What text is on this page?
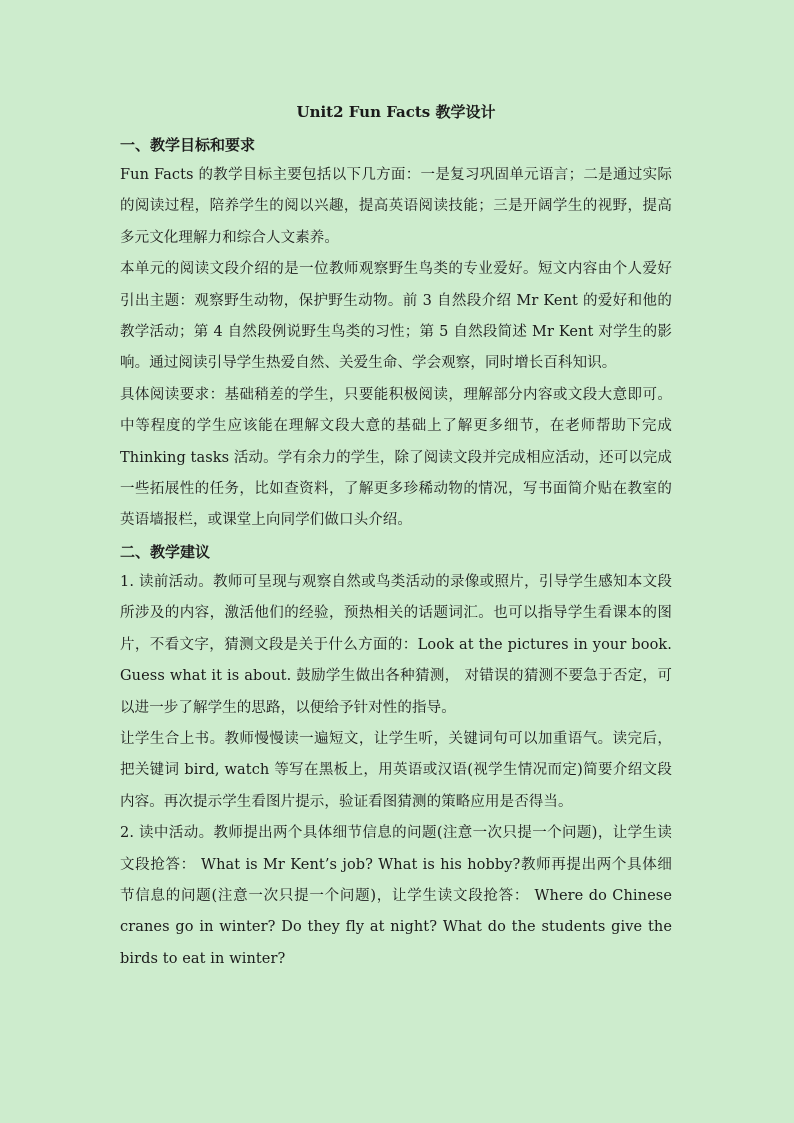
Unit2 Fun Facts 教学设计

一、教学目标和要求

Fun Facts 的教学目标主要包括以下几方面：一是复习巩固单元语言；二是通过实际的阅读过程，陪养学生的阅以兴趣，提高英语阅读技能；三是开阔学生的视野，提高多元文化理解力和综合人文素养。

本单元的阅读文段介绍的是一位教师观察野生鸟类的专业爱好。短文内容由个人爱好引出主题：观察野生动物，保护野生动物。前 3 自然段介绍 Mr Kent 的爱好和他的教学活动；第 4 自然段例说野生鸟类的习性；第 5 自然段简述 Mr Kent 对学生的影响。通过阅读引导学生热爱自然、关爱生命、学会观察，同时增长百科知识。

具体阅读要求：基础稍差的学生，只要能积极阅读，理解部分内容或文段大意即可。中等程度的学生应该能在理解文段大意的基础上了解更多细节，在老师帮助下完成 Thinking tasks 活动。学有余力的学生，除了阅读文段并完成相应活动，还可以完成一些拓展性的任务，比如查资料，了解更多珍稀动物的情况，写书面简介贴在教室的英语墙报栏，或课堂上向同学们做口头介绍。

二、教学建议

1. 读前活动。教师可呈现与观察自然或鸟类活动的录像或照片，引导学生感知本文段所涉及的内容，激活他们的经验，预热相关的话题词汇。也可以指导学生看课本的图片，不看文字，猜测文段是关于什么方面的：Look at the pictures in your book. Guess what it is about. 鼓励学生做出各种猜测， 对错误的猜测不要急于否定，可以进一步了解学生的思路，以便给予针对性的指导。

让学生合上书。教师慢慢读一遍短文，让学生听，关键词句可以加重语气。读完后，把关键词 bird, watch 等写在黑板上，用英语或汉语(视学生情况而定)简要介绍文段内容。再次提示学生看图片提示，验证看图猜测的策略应用是否得当。

2. 读中活动。教师提出两个具体细节信息的问题(注意一次只提一个问题)，让学生读文段抢答： What is Mr Kent’s job? What is his hobby?教师再提出两个具体细节信息的问题(注意一次只提一个问题)，让学生读文段抢答： Where do Chinese cranes go in winter? Do they fly at night? What do the students give the birds to eat in winter?
